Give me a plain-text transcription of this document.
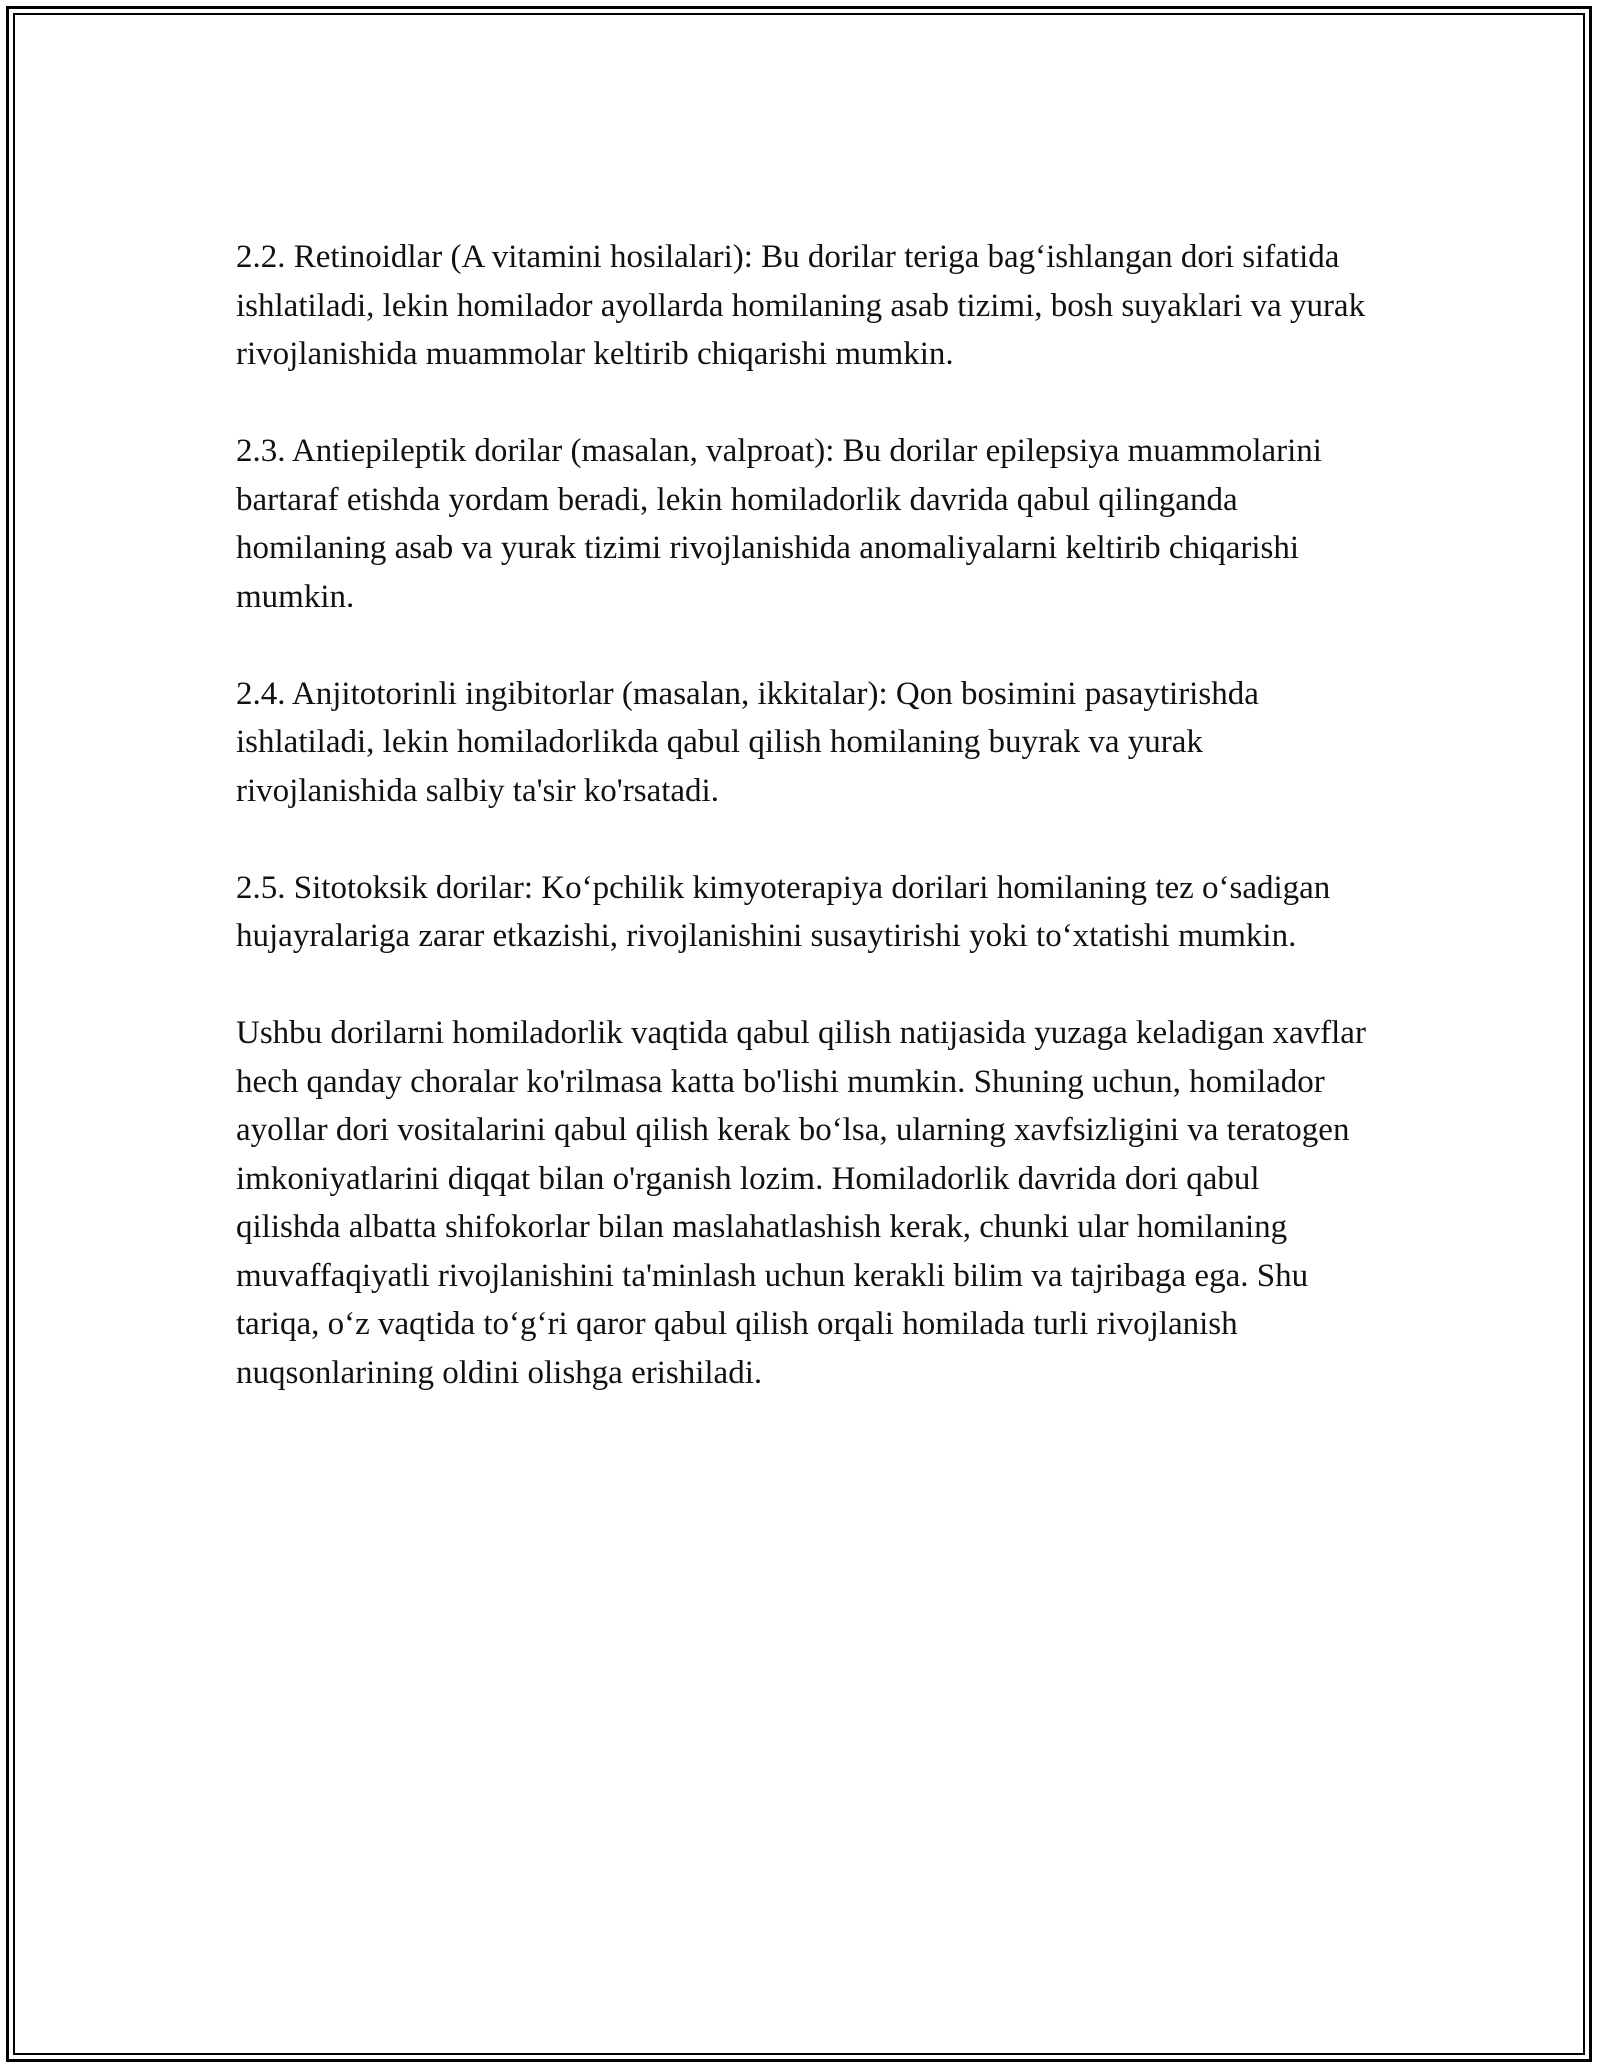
2.2. Retinoidlar (A vitamini hosilalari): Bu dorilar teriga bag‘ishlangan dori sifatida ishlatiladi, lekin homilador ayollarda homilaning asab tizimi, bosh suyaklari va yurak rivojlanishida muammolar keltirib chiqarishi mumkin.

2.3. Antiepileptik dorilar (masalan, valproat): Bu dorilar epilepsiya muammolarini bartaraf etishda yordam beradi, lekin homiladorlik davrida qabul qilinganda homilaning asab va yurak tizimi rivojlanishida anomaliyalarni keltirib chiqarishi mumkin.

2.4. Anjitotorinli ingibitorlar (masalan, ikkitalar): Qon bosimini pasaytirishda ishlatiladi, lekin homiladorlikda qabul qilish homilaning buyrak va yurak rivojlanishida salbiy ta'sir ko'rsatadi.

2.5. Sitotoksik dorilar: Ko‘pchilik kimyoterapiya dorilari homilaning tez o‘sadigan hujayralariga zarar etkazishi, rivojlanishini susaytirishi yoki to‘xtatishi mumkin.

Ushbu dorilarni homiladorlik vaqtida qabul qilish natijasida yuzaga keladigan xavflar hech qanday choralar ko'rilmasa katta bo'lishi mumkin. Shuning uchun, homilador ayollar dori vositalarini qabul qilish kerak bo‘lsa, ularning xavfsizligini va teratogen imkoniyatlarini diqqat bilan o'rganish lozim. Homiladorlik davrida dori qabul qilishda albatta shifokorlar bilan maslahatlashish kerak, chunki ular homilaning muvaffaqiyatli rivojlanishini ta'minlash uchun kerakli bilim va tajribaga ega. Shu tariqa, o‘z vaqtida to‘g‘ri qaror qabul qilish orqali homilada turli rivojlanish nuqsonlarining oldini olishga erishiladi.
